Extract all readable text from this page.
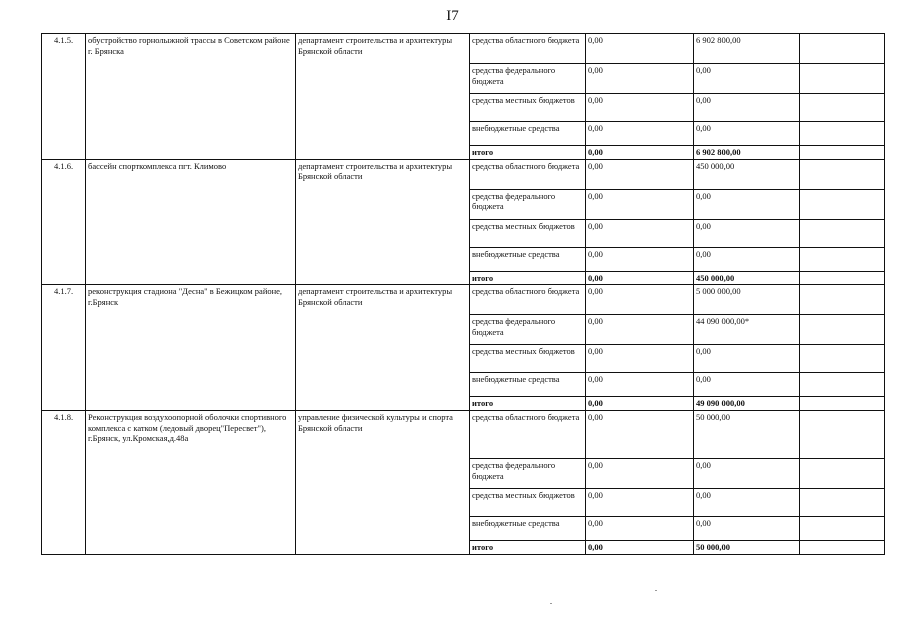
I7
4.1.5.	обустройство горнолыжной трассы в Советском районе г. Брянска	департамент строительства и архитектуры Брянской области	средства областного бюджета	0,00	6 902 800,00	
			средства федерального бюджета	0,00	0,00	
			средства местных бюджетов	0,00	0,00	
			внебюджетные средства	0,00	0,00	
			итого	0,00	6 902 800,00	
4.1.6.	бассейн спорткомплекса пгт. Климово	департамент строительства и архитектуры Брянской области	средства областного бюджета	0,00	450 000,00	
			средства федерального бюджета	0,00	0,00	
			средства местных бюджетов	0,00	0,00	
			внебюджетные средства	0,00	0,00	
			итого	0,00	450 000,00	
4.1.7.	реконструкция стадиона "Десна" в Бежицком районе, г.Брянск	департамент строительства и архитектуры Брянской области	средства областного бюджета	0,00	5 000 000,00	
			средства федерального бюджета	0,00	44 090 000,00*	
			средства местных бюджетов	0,00	0,00	
			внебюджетные средства	0,00	0,00	
			итого	0,00	49 090 000,00	
4.1.8.	Реконструкция воздухоопорной оболочки спортивного комплекса с катком (ледовый дворец"Пересвет"), г.Брянск, ул.Кромская,д.48а	управление физической культуры и спорта Брянской области	средства областного бюджета	0,00	50 000,00	
			средства федерального бюджета	0,00	0,00	
			средства местных бюджетов	0,00	0,00	
			внебюджетные средства	0,00	0,00	
			итого	0,00	50 000,00	
